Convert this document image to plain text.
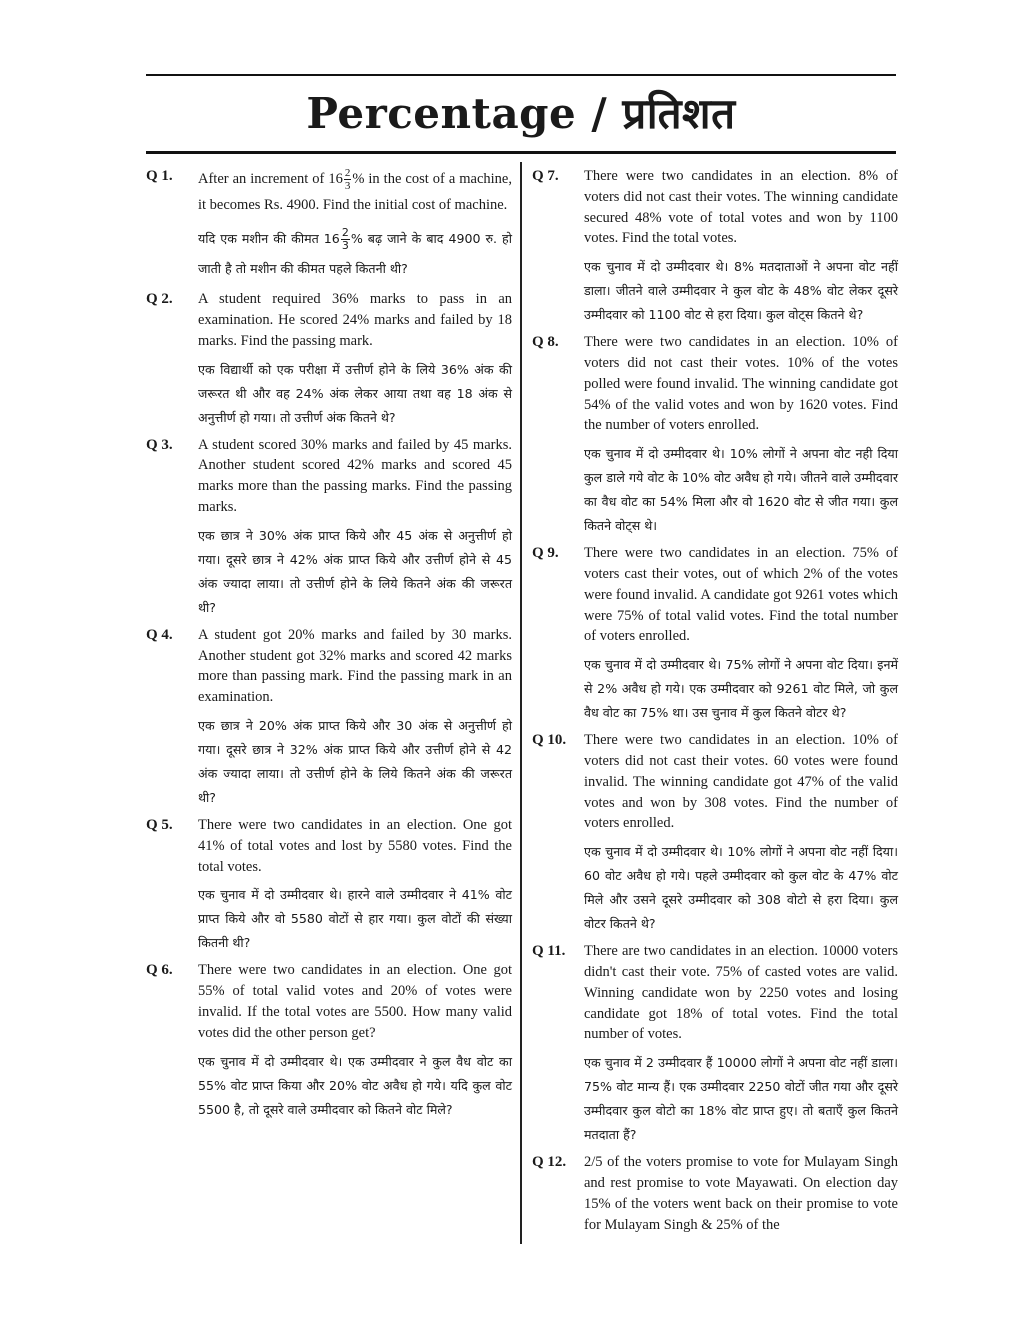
Percentage / प्रतिशत
Q 1. After an increment of $16 \frac{2}{3}$ % in the cost of a machine, it becomes Rs. 4900. Find the initial cost of machine.

यदि एक मशीन की कीमत $16 \frac{2}{3}$ % बढ़ जाने के बाद 4900 रु. हो जाती है तो मशीन की कीमत पहले कितनी थी?

Q 2. A student required 36% marks to pass in an examination. He scored 24% marks and failed by 18 marks. Find the passing mark.

एक विद्यार्थी को एक परीक्षा में उत्तीर्ण होने के लिये 36% अंक की जरूरत थी और वह 24% अंक लेकर आया तथा वह 18 अंक से अनुत्तीर्ण हो गया। तो उत्तीर्ण अंक कितने थे?

Q 3. A student scored 30% marks and failed by 45 marks. Another student scored 42% marks and scored 45 marks more than the passing marks. Find the passing marks.

एक छात्र ने 30% अंक प्राप्त किये और 45 अंक से अनुत्तीर्ण हो गया। दूसरे छात्र ने 42% अंक प्राप्त किये और उत्तीर्ण होने से 45 अंक ज्यादा लाया। तो उत्तीर्ण होने के लिये कितने अंक की जरूरत थी?

Q 4. A student got 20% marks and failed by 30 marks. Another student got 32% marks and scored 42 marks more than passing mark. Find the passing mark in an examination.

एक छात्र ने 20% अंक प्राप्त किये और 30 अंक से अनुत्तीर्ण हो गया। दूसरे छात्र ने 32% अंक प्राप्त किये और उत्तीर्ण होने से 42 अंक ज्यादा लाया। तो उत्तीर्ण होने के लिये कितने अंक की जरूरत थी?

Q 5. There were two candidates in an election. One got 41% of total votes and lost by 5580 votes. Find the total votes.

एक चुनाव में दो उम्मीदवार थे। हारने वाले उम्मीदवार ने 41% वोट प्राप्त किये और वो 5580 वोटों से हार गया। कुल वोटों की संख्या कितनी थी?

Q 6. There were two candidates in an election. One got 55% of total valid votes and 20% of votes were invalid. If the total votes are 5500. How many valid votes did the other person get?

एक चुनाव में दो उम्मीदवार थे। एक उम्मीदवार ने कुल वैध वोट का 55% वोट प्राप्त किया और 20% वोट अवैध हो गये। यदि कुल वोट 5500 है, तो दूसरे वाले उम्मीदवार को कितने वोट मिले?

Q 7. There were two candidates in an election. 8% of voters did not cast their votes. The winning candidate secured 48% vote of total votes and won by 1100 votes. Find the total votes.

एक चुनाव में दो उम्मीदवार थे। 8% मतदाताओं ने अपना वोट नहीं डाला। जीतने वाले उम्मीदवार ने कुल वोट के 48% वोट लेकर दूसरे उम्मीदवार को 1100 वोट से हरा दिया। कुल वोट्स कितने थे?

Q 8. There were two candidates in an election. 10% of voters did not cast their votes. 10% of the votes polled were found invalid. The winning candidate got 54% of the valid votes and won by 1620 votes. Find the number of voters enrolled.

एक चुनाव में दो उम्मीदवार थे। 10% लोगों ने अपना वोट नही दिया कुल डाले गये वोट के 10% वोट अवैध हो गये। जीतने वाले उम्मीदवार का वैध वोट का 54% मिला और वो 1620 वोट से जीत गया। कुल कितने वोट्स थे।

Q 9. There were two candidates in an election. 75% of voters cast their votes, out of which 2% of the votes were found invalid. A candidate got 9261 votes which were 75% of total valid votes. Find the total number of voters enrolled.

एक चुनाव में दो उम्मीदवार थे। 75% लोगों ने अपना वोट दिया। इनमें से 2% अवैध हो गये। एक उम्मीदवार को 9261 वोट मिले, जो कुल वैध वोट का 75% था। उस चुनाव में कुल कितने वोटर थे?

Q 10. There were two candidates in an election. 10% of voters did not cast their votes. 60 votes were found invalid. The winning candidate got 47% of the valid votes and won by 308 votes. Find the number of voters enrolled.

एक चुनाव में दो उम्मीदवार थे। 10% लोगों ने अपना वोट नहीं दिया। 60 वोट अवैध हो गये। पहले उम्मीदवार को कुल वोट के 47% वोट मिले और उसने दूसरे उम्मीदवार को 308 वोटो से हरा दिया। कुल वोटर कितने थे?

Q 11. There are two candidates in an election. 10000 voters didn't cast their vote. 75% of casted votes are valid. Winning candidate won by 2250 votes and losing candidate got 18% of total votes. Find the total number of votes.

एक चुनाव में 2 उम्मीदवार हैं 10000 लोगों ने अपना वोट नहीं डाला। 75% वोट मान्य हैं। एक उम्मीदवार 2250 वोटों जीत गया और दूसरे उम्मीदवार कुल वोटो का 18% वोट प्राप्त हुए। तो बताएँ कुल कितने मतदाता हैं?

Q 12. 2/5 of the voters promise to vote for Mulayam Singh and rest promise to vote Mayawati. On election day 15% of the voters went back on their promise to vote for Mulayam Singh & 25% of the
